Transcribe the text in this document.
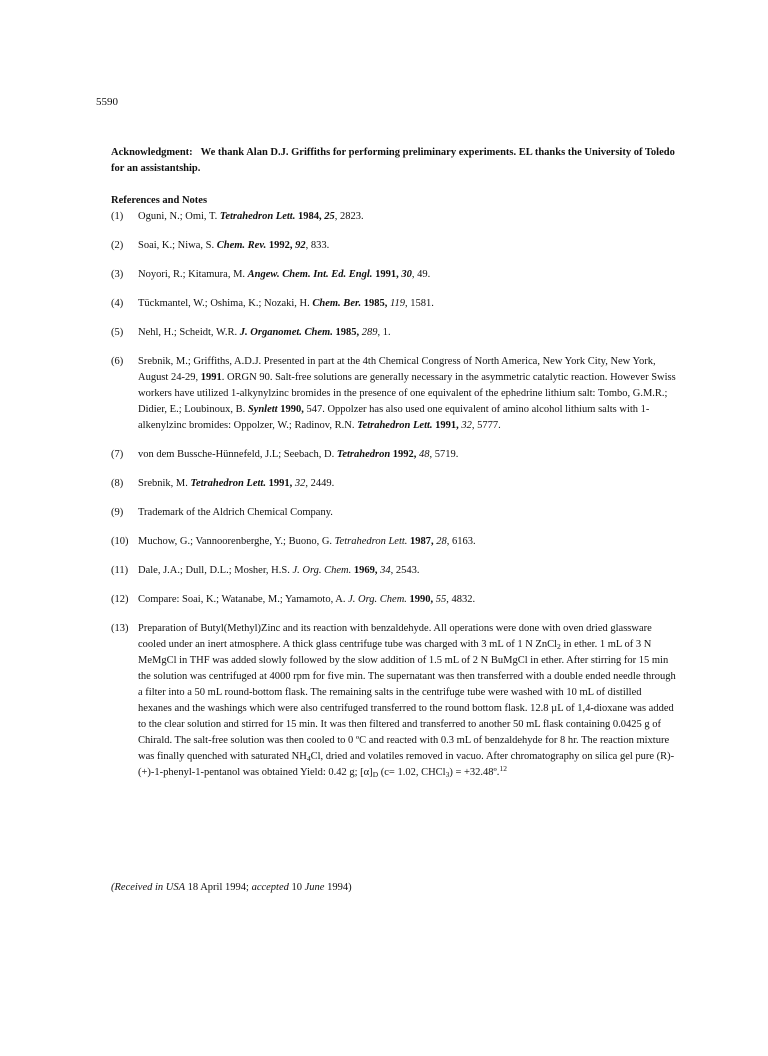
5590
Acknowledgment: We thank Alan D.J. Griffiths for performing preliminary experiments. EL thanks the University of Toledo for an assistantship.
References and Notes
(1) Oguni, N.; Omi, T. Tetrahedron Lett. 1984, 25, 2823.
(2) Soai, K.; Niwa, S. Chem. Rev. 1992, 92, 833.
(3) Noyori, R.; Kitamura, M. Angew. Chem. Int. Ed. Engl. 1991, 30, 49.
(4) Tückmantel, W.; Oshima, K.; Nozaki, H. Chem. Ber. 1985, 119, 1581.
(5) Nehl, H.; Scheidt, W.R. J. Organomet. Chem. 1985, 289, 1.
(6) Srebnik, M.; Griffiths, A.D.J. Presented in part at the 4th Chemical Congress of North America, New York City, New York, August 24-29, 1991. ORGN 90. Salt-free solutions are generally necessary in the asymmetric catalytic reaction. However Swiss workers have utilized 1-alkynylzinc bromides in the presence of one equivalent of the ephedrine lithium salt: Tombo, G.M.R.; Didier, E.; Loubinoux, B. Synlett 1990, 547. Oppolzer has also used one equivalent of amino alcohol lithium salts with 1-alkenylzinc bromides: Oppolzer, W.; Radinov, R.N. Tetrahedron Lett. 1991, 32, 5777.
(7) von dem Bussche-Hünnefeld, J.L; Seebach, D. Tetrahedron 1992, 48, 5719.
(8) Srebnik, M. Tetrahedron Lett. 1991, 32, 2449.
(9) Trademark of the Aldrich Chemical Company.
(10) Muchow, G.; Vannoorenberghe, Y.; Buono, G. Tetrahedron Lett. 1987, 28, 6163.
(11) Dale, J.A.; Dull, D.L.; Mosher, H.S. J. Org. Chem. 1969, 34, 2543.
(12) Compare: Soai, K.; Watanabe, M.; Yamamoto, A. J. Org. Chem. 1990, 55, 4832.
(13) Preparation of Butyl(Methyl)Zinc and its reaction with benzaldehyde. All operations were done with oven dried glassware cooled under an inert atmosphere. A thick glass centrifuge tube was charged with 3 mL of 1 N ZnCl$_2$ in ether. 1 mL of 3 N MeMgCl in THF was added slowly followed by the slow addition of 1.5 mL of 2 N BuMgCl in ether. After stirring for 15 min the solution was centrifuged at 4000 rpm for five min. The supernatant was then transferred with a double ended needle through a filter into a 50 mL round-bottom flask. The remaining salts in the centrifuge tube were washed with 10 mL of distilled hexanes and the washings which were also centrifuged transferred to the round bottom flask. 12.8 µL of 1,4-dioxane was added to the clear solution and stirred for 15 min. It was then filtered and transferred to another 50 mL flask containing 0.0425 g of Chirald. The salt-free solution was then cooled to 0 ºC and reacted with 0.3 mL of benzaldehyde for 8 hr. The reaction mixture was finally quenched with saturated $NH_4Cl$, dried and volatiles removed in vacuo. After chromatography on silica gel pure (R)-(+)-1-phenyl-1-pentanol was obtained Yield: 0.42 g; $[\alpha]_D$ (c= 1.02, CHCl$_3$) = +32.48º.$^{12}$
(Received in USA 18 April 1994; accepted 10 June 1994)
